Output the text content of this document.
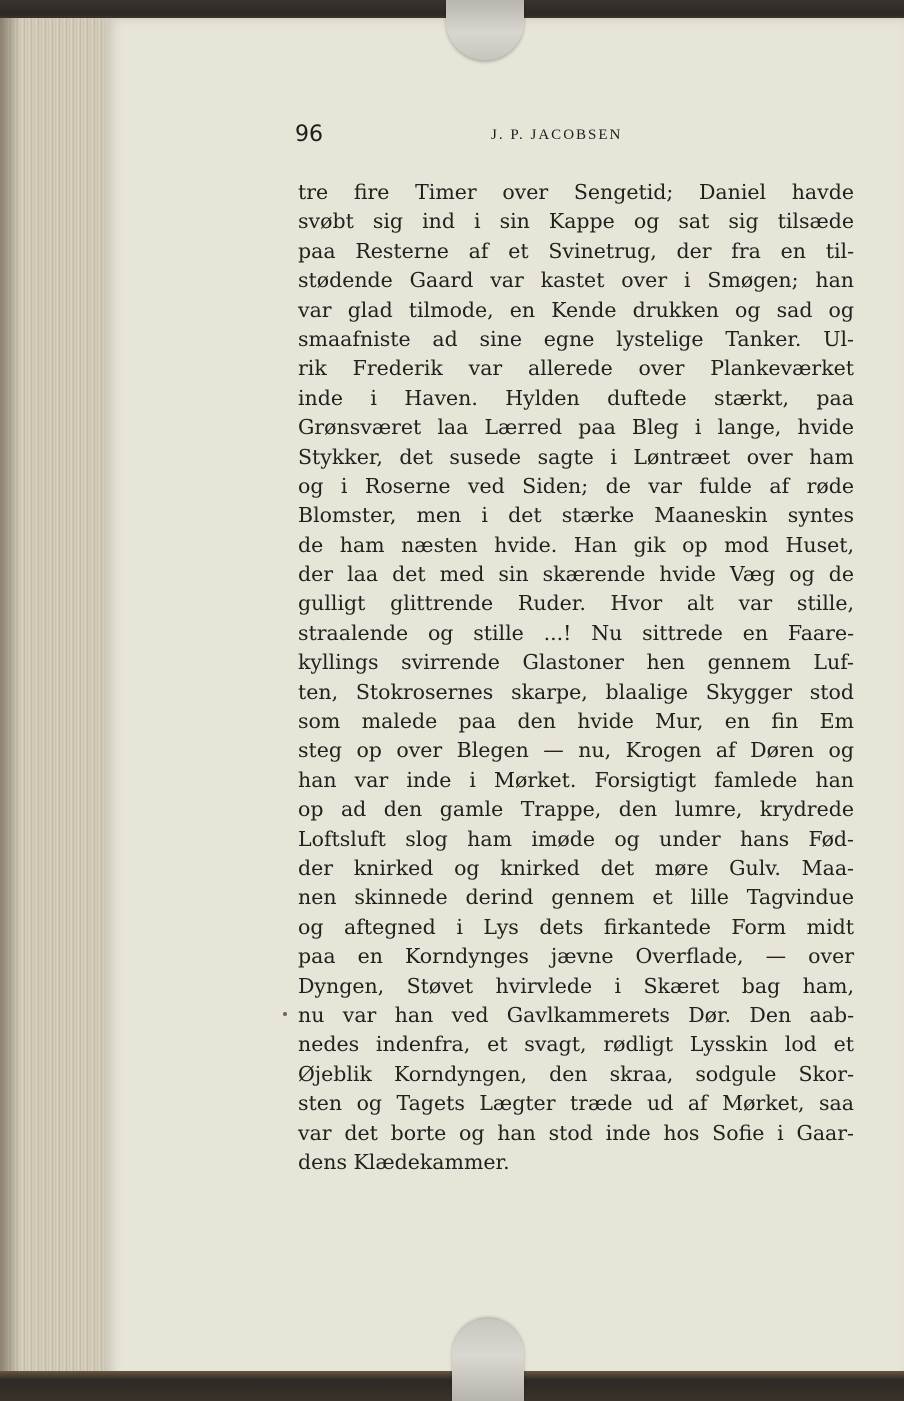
96	J. P. JACOBSEN
tre fire Timer over Sengetid; Daniel havde
svøbt sig ind i sin Kappe og sat sig tilsæde
paa Resterne af et Svinetrug, der fra en til-
stødende Gaard var kastet over i Smøgen; han
var glad tilmode, en Kende drukken og sad og
smaafniste ad sine egne lystelige Tanker. Ul-
rik Frederik var allerede over Plankeværket
inde i Haven. Hylden duftede stærkt, paa
Grønsværet laa Lærred paa Bleg i lange, hvide
Stykker, det susede sagte i Løntræet over ham
og i Roserne ved Siden; de var fulde af røde
Blomster, men i det stærke Maaneskin syntes
de ham næsten hvide. Han gik op mod Huset,
der laa det med sin skærende hvide Væg og de
gulligt glittrende Ruder. Hvor alt var stille,
straalende og stille ...! Nu sittrede en Faare-
kyllings svirrende Glastoner hen gennem Luf-
ten, Stokrosernes skarpe, blaalige Skygger stod
som malede paa den hvide Mur, en fin Em
steg op over Blegen — nu, Krogen af Døren og
han var inde i Mørket. Forsigtigt famlede han
op ad den gamle Trappe, den lumre, krydrede
Loftsluft slog ham imøde og under hans Fød-
der knirked og knirked det møre Gulv. Maa-
nen skinnede derind gennem et lille Tagvindue
og aftegned i Lys dets firkantede Form midt
paa en Korndynges jævne Overflade, — over
Dyngen, Støvet hvirvlede i Skæret bag ham,
nu var han ved Gavlkammerets Dør. Den aab-
nedes indenfra, et svagt, rødligt Lysskin lod et
Øjeblik Korndyngen, den skraa, sodgule Skor-
sten og Tagets Lægter træde ud af Mørket, saa
var det borte og han stod inde hos Sofie i Gaar-
dens Klædekammer.
